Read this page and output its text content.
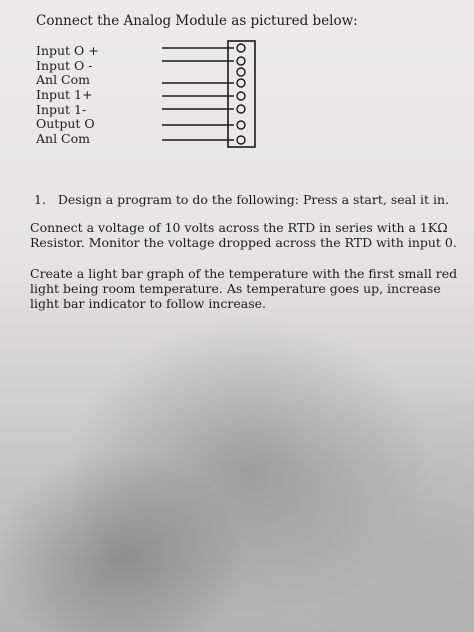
Connect the Analog Module as pictured below:

Input O +
Input O -
Anl Com
Input 1+
Input 1-
Output O
Anl Com

1. Design a program to do the following: Press a start, seal it in.

Connect a voltage of 10 volts across the RTD in series with a 1KΩ
Resistor. Monitor the voltage dropped across the RTD with input 0.

Create a light bar graph of the temperature with the first small red
light being room temperature. As temperature goes up, increase
light bar indicator to follow increase.
